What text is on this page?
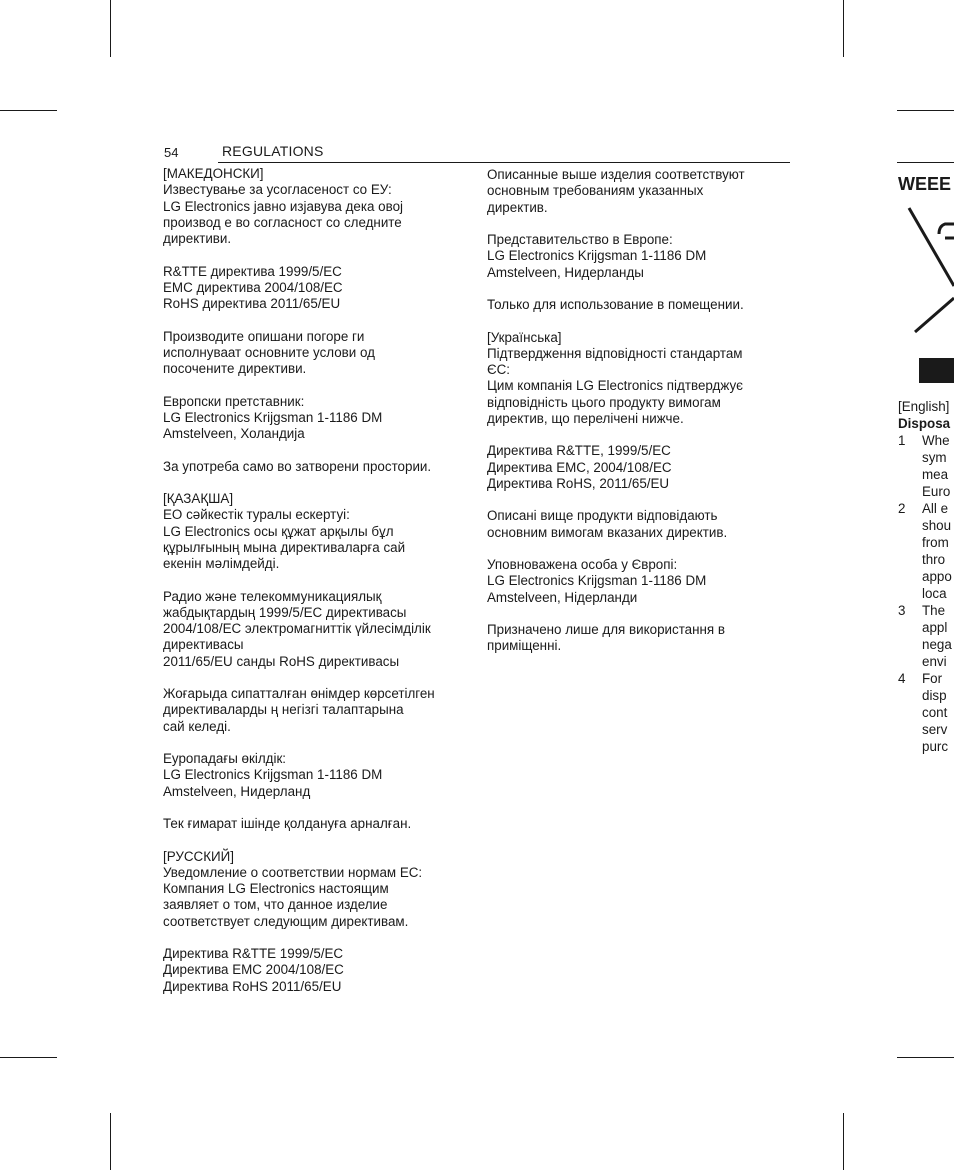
54	REGULATIONS

[МАКЕДОНСКИ]
Известување за усогласеност со ЕУ:
LG Electronics јавно изјавува дека овој
производ е во согласност со следните
директиви.

R&TTE директива 1999/5/EC
EMC директива 2004/108/EC
RoHS директива 2011/65/EU

Производите опишани погоре ги
исполнуваат основните услови од
посочените директиви.

Европски претставник:
LG Electronics Krijgsman 1-1186 DM
Amstelveen, Холандија

За употреба само во затворени простории.

[ҚАЗАҚША]
ЕО сәйкестік туралы ескертуі:
LG Electronics осы құжат арқылы бұл
құрылғының мына директиваларға сай
екенін мәлімдейді.

Радио және телекоммуникациялық
жабдықтардың 1999/5/EC директивасы
2004/108/EC электромагниттік үйлесімділік
директивасы
2011/65/EU санды RoHS директивасы

Жоғарыда сипатталған өнімдер көрсетілген
директиваларды ң негізгі талаптарына
сай келеді.

Еуропадағы өкілдік:
LG Electronics Krijgsman 1-1186 DM
Amstelveen, Нидерланд

Тек ғимарат ішінде қолдануға арналған.

[РУССКИЙ]
Уведомление о соответствии нормам ЕС:
Компания LG Electronics настоящим
заявляет о том, что данное изделие
соответствует следующим директивам.

Директива R&TTE 1999/5/EC
Директива EMC 2004/108/EC
Директива RoHS 2011/65/EU

Описанные выше изделия соответствуют
основным требованиям указанных
директив.

Представительство в Европе:
LG Electronics Krijgsman 1-1186 DM
Amstelveen, Нидерланды

Только для использование в помещении.

[Українська]
Підтвердження відповідності стандартам
ЄС:
Цим компанія LG Electronics підтверджує
відповідність цього продукту вимогам
директив, що перелічені нижче.

Директива R&TTE, 1999/5/EC
Директива EMC, 2004/108/EC
Директива RoHS, 2011/65/EU

Описані вище продукти відповідають
основним вимогам вказаних директив.

Уповноважена особа у Європі:
LG Electronics Krijgsman 1-1186 DM
Amstelveen, Нідерланди

Призначено лише для використання в
приміщенні.

WEEE
[English]
Disposa
1 Whe
sym
mea
Euro
2 All e
shou
from
thro
appo
loca
3 The
appl
nega
envi
4 For
disp
cont
serv
purc
